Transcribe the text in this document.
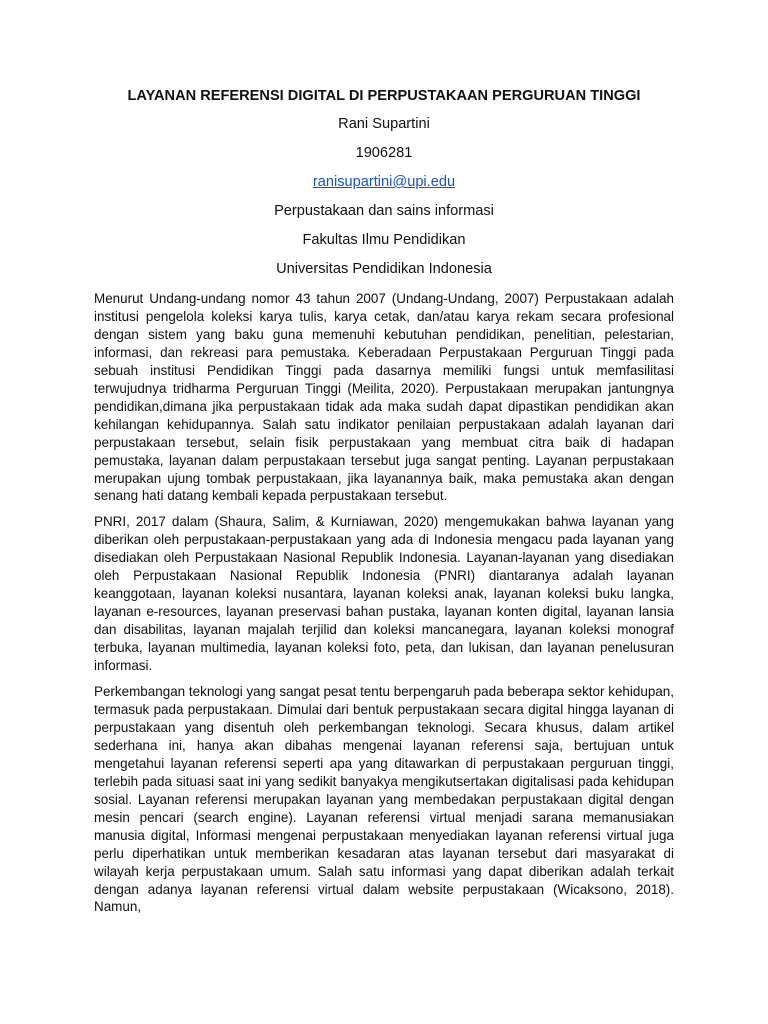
LAYANAN REFERENSI DIGITAL DI PERPUSTAKAAN PERGURUAN TINGGI
Rani Supartini
1906281
ranisupartini@upi.edu
Perpustakaan dan sains informasi
Fakultas Ilmu Pendidikan
Universitas Pendidikan Indonesia

Menurut Undang-undang nomor 43 tahun 2007 (Undang-Undang, 2007) Perpustakaan adalah institusi pengelola koleksi karya tulis, karya cetak, dan/atau karya rekam secara profesional dengan sistem yang baku guna memenuhi kebutuhan pendidikan, penelitian, pelestarian, informasi, dan rekreasi para pemustaka. Keberadaan Perpustakaan Perguruan Tinggi pada sebuah institusi Pendidikan Tinggi pada dasarnya memiliki fungsi untuk memfasilitasi terwujudnya tridharma Perguruan Tinggi (Meilita, 2020). Perpustakaan merupakan jantungnya pendidikan,dimana jika perpustakaan tidak ada maka sudah dapat dipastikan pendidikan akan kehilangan kehidupannya. Salah satu indikator penilaian perpustakaan adalah layanan dari perpustakaan tersebut, selain fisik perpustakaan yang membuat citra baik di hadapan pemustaka, layanan dalam perpustakaan tersebut juga sangat penting. Layanan perpustakaan merupakan ujung tombak perpustakaan, jika layanannya baik, maka pemustaka akan dengan senang hati datang kembali kepada perpustakaan tersebut.

PNRI, 2017 dalam (Shaura, Salim, & Kurniawan, 2020) mengemukakan bahwa layanan yang diberikan oleh perpustakaan-perpustakaan yang ada di Indonesia mengacu pada layanan yang disediakan oleh Perpustakaan Nasional Republik Indonesia. Layanan-layanan yang disediakan oleh Perpustakaan Nasional Republik Indonesia (PNRI) diantaranya adalah layanan keanggotaan, layanan koleksi nusantara, layanan koleksi anak, layanan koleksi buku langka, layanan e-resources, layanan preservasi bahan pustaka, layanan konten digital, layanan lansia dan disabilitas, layanan majalah terjilid dan koleksi mancanegara, layanan koleksi monograf terbuka, layanan multimedia, layanan koleksi foto, peta, dan lukisan, dan layanan penelusuran informasi.

Perkembangan teknologi yang sangat pesat tentu berpengaruh pada beberapa sektor kehidupan, termasuk pada perpustakaan. Dimulai dari bentuk perpustakaan secara digital hingga layanan di perpustakaan yang disentuh oleh perkembangan teknologi. Secara khusus, dalam artikel sederhana ini, hanya akan dibahas mengenai layanan referensi saja, bertujuan untuk mengetahui layanan referensi seperti apa yang ditawarkan di perpustakaan perguruan tinggi, terlebih pada situasi saat ini yang sedikit banyakya mengikutsertakan digitalisasi pada kehidupan sosial. Layanan referensi merupakan layanan yang membedakan perpustakaan digital dengan mesin pencari (search engine). Layanan referensi virtual menjadi sarana memanusiakan manusia digital, Informasi mengenai perpustakaan menyediakan layanan referensi virtual juga perlu diperhatikan untuk memberikan kesadaran atas layanan tersebut dari masyarakat di wilayah kerja perpustakaan umum. Salah satu informasi yang dapat diberikan adalah terkait dengan adanya layanan referensi virtual dalam website perpustakaan (Wicaksono, 2018). Namun,
